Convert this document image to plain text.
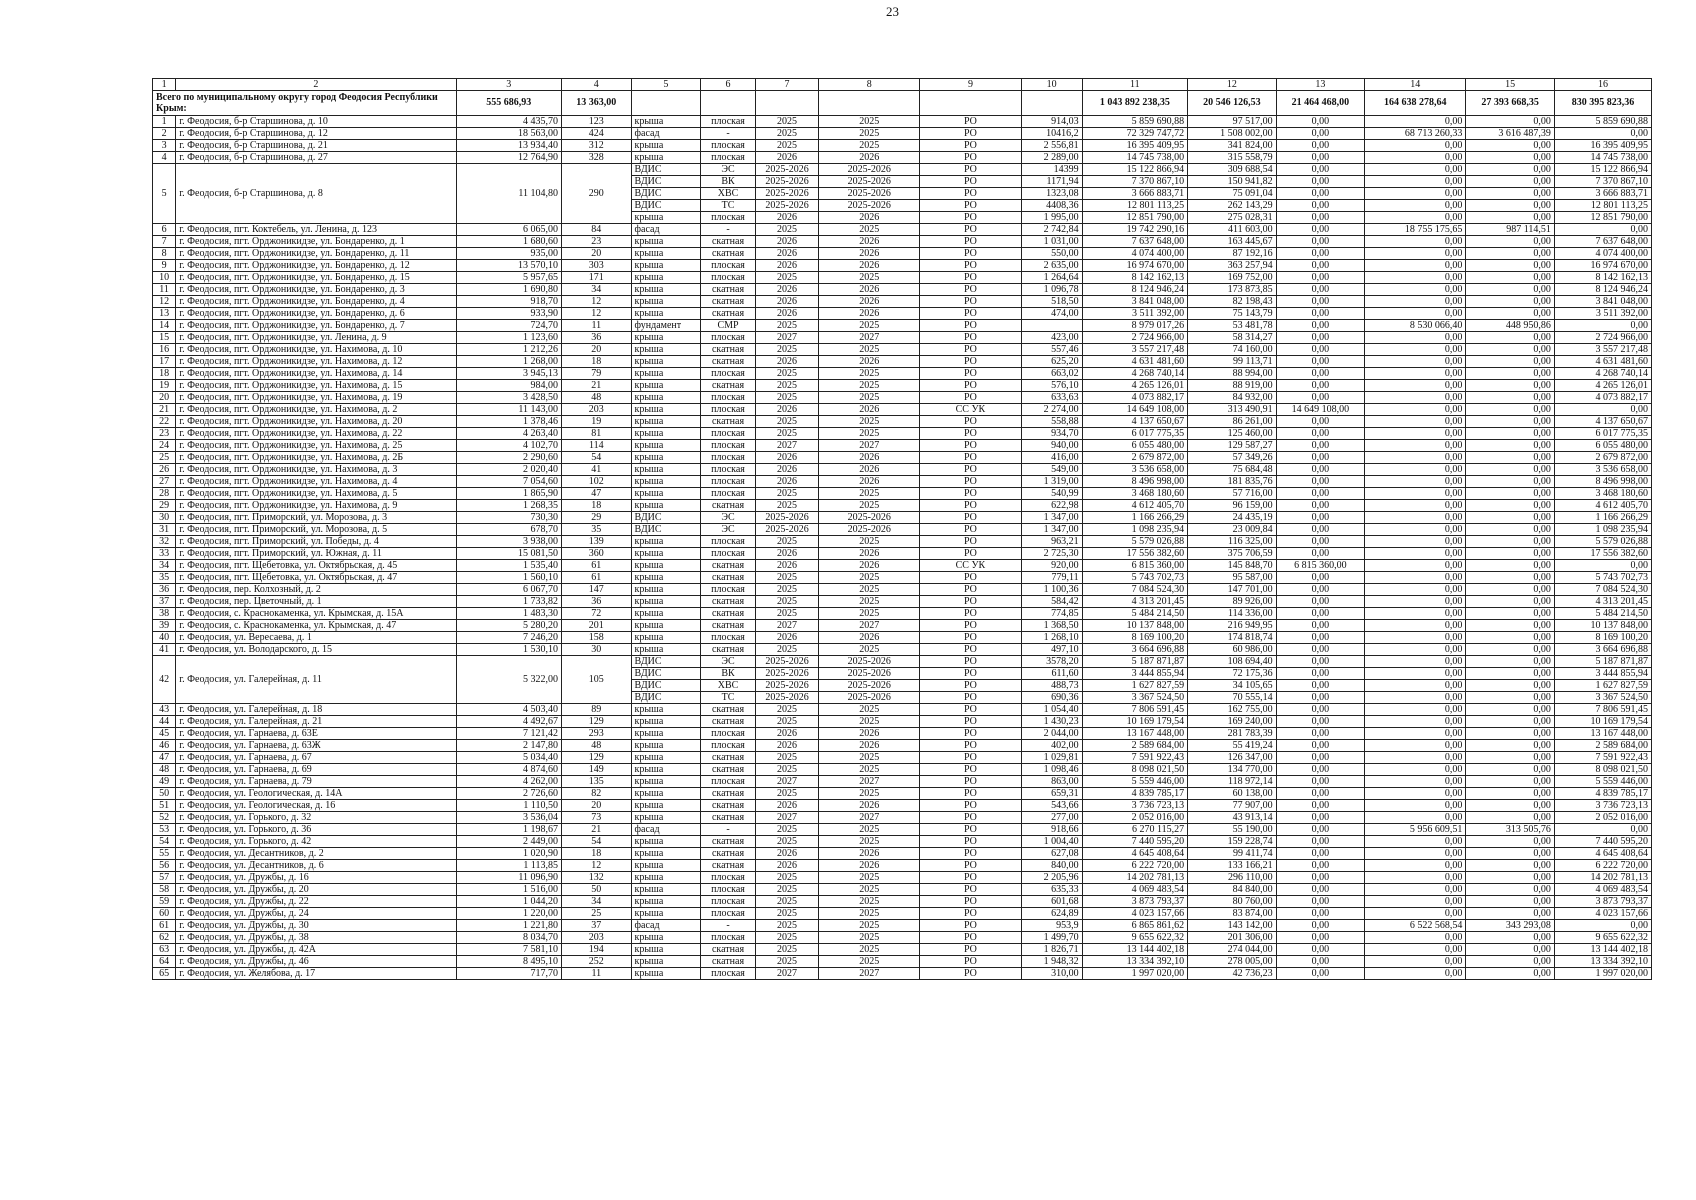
23
1	2	3	4	5	6	7	8	9	10	11	12	13	14	15	16
Всего по муниципальному округу город Феодосия Республики Крым:		555 686,93	13 363,00							1 043 892 238,35	20 546 126,53	21 464 468,00	164 638 278,64	27 393 668,35	830 395 823,36
1	г. Феодосия, б-р Старшинова, д. 10	4 435,70	123	крыша	плоская	2025	2025	РО	914,03	5 859 690,88	97 517,00	0,00	0,00	0,00	5 859 690,88
2	г. Феодосия, б-р Старшинова, д. 12	18 563,00	424	фасад	-	2025	2025	РО	10416,2	72 329 747,72	1 508 002,00	0,00	68 713 260,33	3 616 487,39	0,00
3	г. Феодосия, б-р Старшинова, д. 21	13 934,40	312	крыша	плоская	2025	2025	РО	2 556,81	16 395 409,95	341 824,00	0,00	0,00	0,00	16 395 409,95
4	г. Феодосия, б-р Старшинова, д. 27	12 764,90	328	крыша	плоская	2026	2026	РО	2 289,00	14 745 738,00	315 558,79	0,00	0,00	0,00	14 745 738,00
5	г. Феодосия, б-р Старшинова, д. 8	11 104,80	290	ВДИС	ЭС	2025-2026	2025-2026	РО	14399	15 122 866,94	309 688,54	0,00	0,00	0,00	15 122 866,94
				ВДИС	ВК	2025-2026	2025-2026	РО	1171,94	7 370 867,10	150 941,82	0,00	0,00	0,00	7 370 867,10
				ВДИС	ХВС	2025-2026	2025-2026	РО	1323,08	3 666 883,71	75 091,04	0,00	0,00	0,00	3 666 883,71
				ВДИС	ТС	2025-2026	2025-2026	РО	4408,36	12 801 113,25	262 143,29	0,00	0,00	0,00	12 801 113,25
				крыша	плоская	2026	2026	РО	1 995,00	12 851 790,00	275 028,31	0,00	0,00	0,00	12 851 790,00
6	г. Феодосия, пгт. Коктебель, ул. Ленина, д. 123	6 065,00	84	фасад	-	2025	2025	РО	2 742,84	19 742 290,16	411 603,00	0,00	18 755 175,65	987 114,51	0,00
7	г. Феодосия, пгт. Орджоникидзе, ул. Бондаренко, д. 1	1 680,60	23	крыша	скатная	2026	2026	РО	1 031,00	7 637 648,00	163 445,67	0,00	0,00	0,00	7 637 648,00
8	г. Феодосия, пгт. Орджоникидзе, ул. Бондаренко, д. 11	935,00	20	крыша	скатная	2026	2026	РО	550,00	4 074 400,00	87 192,16	0,00	0,00	0,00	4 074 400,00
9	г. Феодосия, пгт. Орджоникидзе, ул. Бондаренко, д. 12	13 570,10	303	крыша	плоская	2026	2026	РО	2 635,00	16 974 670,00	363 257,94	0,00	0,00	0,00	16 974 670,00
10	г. Феодосия, пгт. Орджоникидзе, ул. Бондаренко, д. 15	5 957,65	171	крыша	плоская	2025	2025	РО	1 264,64	8 142 162,13	169 752,00	0,00	0,00	0,00	8 142 162,13
11	г. Феодосия, пгт. Орджоникидзе, ул. Бондаренко, д. 3	1 690,80	34	крыша	скатная	2026	2026	РО	1 096,78	8 124 946,24	173 873,85	0,00	0,00	0,00	8 124 946,24
12	г. Феодосия, пгт. Орджоникидзе, ул. Бондаренко, д. 4	918,70	12	крыша	скатная	2026	2026	РО	518,50	3 841 048,00	82 198,43	0,00	0,00	0,00	3 841 048,00
13	г. Феодосия, пгт. Орджоникидзе, ул. Бондаренко, д. 6	933,90	12	крыша	скатная	2026	2026	РО	474,00	3 511 392,00	75 143,79	0,00	0,00	0,00	3 511 392,00
14	г. Феодосия, пгт. Орджоникидзе, ул. Бондаренко, д. 7	724,70	11	фундамент	СМР	2025	2025	РО		8 979 017,26	53 481,78	0,00	8 530 066,40	448 950,86	0,00
15	г. Феодосия, пгт. Орджоникидзе, ул. Ленина, д. 9	1 123,60	36	крыша	плоская	2027	2027	РО	423,00	2 724 966,00	58 314,27	0,00	0,00	0,00	2 724 966,00
16	г. Феодосия, пгт. Орджоникидзе, ул. Нахимова, д. 10	1 212,26	20	крыша	скатная	2025	2025	РО	557,46	3 557 217,48	74 160,00	0,00	0,00	0,00	3 557 217,48
17	г. Феодосия, пгт. Орджоникидзе, ул. Нахимова, д. 12	1 268,00	18	крыша	скатная	2026	2026	РО	625,20	4 631 481,60	99 113,71	0,00	0,00	0,00	4 631 481,60
18	г. Феодосия, пгт. Орджоникидзе, ул. Нахимова, д. 14	3 945,13	79	крыша	плоская	2025	2025	РО	663,02	4 268 740,14	88 994,00	0,00	0,00	0,00	4 268 740,14
19	г. Феодосия, пгт. Орджоникидзе, ул. Нахимова, д. 15	984,00	21	крыша	скатная	2025	2025	РО	576,10	4 265 126,01	88 919,00	0,00	0,00	0,00	4 265 126,01
20	г. Феодосия, пгт. Орджоникидзе, ул. Нахимова, д. 19	3 428,50	48	крыша	плоская	2025	2025	РО	633,63	4 073 882,17	84 932,00	0,00	0,00	0,00	4 073 882,17
21	г. Феодосия, пгт. Орджоникидзе, ул. Нахимова, д. 2	11 143,00	203	крыша	плоская	2026	2026	СС УК	2 274,00	14 649 108,00	313 490,91	14 649 108,00	0,00	0,00	0,00
22	г. Феодосия, пгт. Орджоникидзе, ул. Нахимова, д. 20	1 378,46	19	крыша	скатная	2025	2025	РО	558,88	4 137 650,67	86 261,00	0,00	0,00	0,00	4 137 650,67
23	г. Феодосия, пгт. Орджоникидзе, ул. Нахимова, д. 22	4 263,40	81	крыша	плоская	2025	2025	РО	934,70	6 017 775,35	125 460,00	0,00	0,00	0,00	6 017 775,35
24	г. Феодосия, пгт. Орджоникидзе, ул. Нахимова, д. 25	4 102,70	114	крыша	плоская	2027	2027	РО	940,00	6 055 480,00	129 587,27	0,00	0,00	0,00	6 055 480,00
25	г. Феодосия, пгт. Орджоникидзе, ул. Нахимова, д. 2Б	2 290,60	54	крыша	плоская	2026	2026	РО	416,00	2 679 872,00	57 349,26	0,00	0,00	0,00	2 679 872,00
26	г. Феодосия, пгт. Орджоникидзе, ул. Нахимова, д. 3	2 020,40	41	крыша	плоская	2026	2026	РО	549,00	3 536 658,00	75 684,48	0,00	0,00	0,00	3 536 658,00
27	г. Феодосия, пгт. Орджоникидзе, ул. Нахимова, д. 4	7 054,60	102	крыша	плоская	2026	2026	РО	1 319,00	8 496 998,00	181 835,76	0,00	0,00	0,00	8 496 998,00
28	г. Феодосия, пгт. Орджоникидзе, ул. Нахимова, д. 5	1 865,90	47	крыша	плоская	2025	2025	РО	540,99	3 468 180,60	57 716,00	0,00	0,00	0,00	3 468 180,60
29	г. Феодосия, пгт. Орджоникидзе, ул. Нахимова, д. 9	1 268,35	18	крыша	скатная	2025	2025	РО	622,98	4 612 405,70	96 159,00	0,00	0,00	0,00	4 612 405,70
30	г. Феодосия, пгт. Приморский, ул. Морозова, д. 3	730,30	29	ВДИС	ЭС	2025-2026	2025-2026	РО	1 347,00	1 166 266,29	24 435,19	0,00	0,00	0,00	1 166 266,29
31	г. Феодосия, пгт. Приморский, ул. Морозова, д. 5	678,70	35	ВДИС	ЭС	2025-2026	2025-2026	РО	1 347,00	1 098 235,94	23 009,84	0,00	0,00	0,00	1 098 235,94
32	г. Феодосия, пгт. Приморский, ул. Победы, д. 4	3 938,00	139	крыша	плоская	2025	2025	РО	963,21	5 579 026,88	116 325,00	0,00	0,00	0,00	5 579 026,88
33	г. Феодосия, пгт. Приморский, ул. Южная, д. 11	15 081,50	360	крыша	плоская	2026	2026	РО	2 725,30	17 556 382,60	375 706,59	0,00	0,00	0,00	17 556 382,60
34	г. Феодосия, пгт. Щебетовка, ул. Октябрьская, д. 45	1 535,40	61	крыша	скатная	2026	2026	СС УК	920,00	6 815 360,00	145 848,70	6 815 360,00	0,00	0,00	0,00
35	г. Феодосия, пгт. Щебетовка, ул. Октябрьская, д. 47	1 560,10	61	крыша	скатная	2025	2025	РО	779,11	5 743 702,73	95 587,00	0,00	0,00	0,00	5 743 702,73
36	г. Феодосия, пер. Колхозный, д. 2	6 067,70	147	крыша	плоская	2025	2025	РО	1 100,36	7 084 524,30	147 701,00	0,00	0,00	0,00	7 084 524,30
37	г. Феодосия, пер. Цветочный, д. 1	1 733,82	36	крыша	скатная	2025	2025	РО	584,42	4 313 201,45	89 926,00	0,00	0,00	0,00	4 313 201,45
38	г. Феодосия, с. Краснокаменка, ул. Крымская, д. 15А	1 483,30	72	крыша	скатная	2025	2025	РО	774,85	5 484 214,50	114 336,00	0,00	0,00	0,00	5 484 214,50
39	г. Феодосия, с. Краснокаменка, ул. Крымская, д. 47	5 280,20	201	крыша	скатная	2027	2027	РО	1 368,50	10 137 848,00	216 949,95	0,00	0,00	0,00	10 137 848,00
40	г. Феодосия, ул. Вересаева, д. 1	7 246,20	158	крыша	плоская	2026	2026	РО	1 268,10	8 169 100,20	174 818,74	0,00	0,00	0,00	8 169 100,20
41	г. Феодосия, ул. Володарского, д. 15	1 530,10	30	крыша	скатная	2025	2025	РО	497,10	3 664 696,88	60 986,00	0,00	0,00	0,00	3 664 696,88
42	г. Феодосия, ул. Галерейная, д. 11	5 322,00	105	ВДИС	ЭС	2025-2026	2025-2026	РО	3578,20	5 187 871,87	108 694,40	0,00	0,00	0,00	5 187 871,87
				ВДИС	ВК	2025-2026	2025-2026	РО	611,60	3 444 855,94	72 175,36	0,00	0,00	0,00	3 444 855,94
				ВДИС	ХВС	2025-2026	2025-2026	РО	488,73	1 627 827,59	34 105,65	0,00	0,00	0,00	1 627 827,59
				ВДИС	ТС	2025-2026	2025-2026	РО	690,36	3 367 524,50	70 555,14	0,00	0,00	0,00	3 367 524,50
43	г. Феодосия, ул. Галерейная, д. 18	4 503,40	89	крыша	скатная	2025	2025	РО	1 054,40	7 806 591,45	162 755,00	0,00	0,00	0,00	7 806 591,45
44	г. Феодосия, ул. Галерейная, д. 21	4 492,67	129	крыша	скатная	2025	2025	РО	1 430,23	10 169 179,54	169 240,00	0,00	0,00	0,00	10 169 179,54
45	г. Феодосия, ул. Гарнаева, д. 63Е	7 121,42	293	крыша	плоская	2026	2026	РО	2 044,00	13 167 448,00	281 783,39	0,00	0,00	0,00	13 167 448,00
46	г. Феодосия, ул. Гарнаева, д. 63Ж	2 147,80	48	крыша	плоская	2026	2026	РО	402,00	2 589 684,00	55 419,24	0,00	0,00	0,00	2 589 684,00
47	г. Феодосия, ул. Гарнаева, д. 67	5 034,40	129	крыша	скатная	2025	2025	РО	1 029,81	7 591 922,43	126 347,00	0,00	0,00	0,00	7 591 922,43
48	г. Феодосия, ул. Гарнаева, д. 69	4 874,60	149	крыша	скатная	2025	2025	РО	1 098,46	8 098 021,50	134 770,00	0,00	0,00	0,00	8 098 021,50
49	г. Феодосия, ул. Гарнаева, д. 79	4 262,00	135	крыша	плоская	2027	2027	РО	863,00	5 559 446,00	118 972,14	0,00	0,00	0,00	5 559 446,00
50	г. Феодосия, ул. Геологическая, д. 14А	2 726,60	82	крыша	скатная	2025	2025	РО	659,31	4 839 785,17	60 138,00	0,00	0,00	0,00	4 839 785,17
51	г. Феодосия, ул. Геологическая, д. 16	1 110,50	20	крыша	скатная	2026	2026	РО	543,66	3 736 723,13	77 907,00	0,00	0,00	0,00	3 736 723,13
52	г. Феодосия, ул. Горького, д. 32	3 536,04	73	крыша	скатная	2027	2027	РО	277,00	2 052 016,00	43 913,14	0,00	0,00	0,00	2 052 016,00
53	г. Феодосия, ул. Горького, д. 36	1 198,67	21	фасад	-	2025	2025	РО	918,66	6 270 115,27	55 190,00	0,00	5 956 609,51	313 505,76	0,00
54	г. Феодосия, ул. Горького, д. 42	2 449,00	54	крыша	скатная	2025	2025	РО	1 004,40	7 440 595,20	159 228,74	0,00	0,00	0,00	7 440 595,20
55	г. Феодосия, ул. Десантников, д. 2	1 020,90	18	крыша	скатная	2026	2026	РО	627,08	4 645 408,64	99 411,74	0,00	0,00	0,00	4 645 408,64
56	г. Феодосия, ул. Десантников, д. 6	1 113,85	12	крыша	скатная	2026	2026	РО	840,00	6 222 720,00	133 166,21	0,00	0,00	0,00	6 222 720,00
57	г. Феодосия, ул. Дружбы, д. 16	11 096,90	132	крыша	плоская	2025	2025	РО	2 205,96	14 202 781,13	296 110,00	0,00	0,00	0,00	14 202 781,13
58	г. Феодосия, ул. Дружбы, д. 20	1 516,00	50	крыша	плоская	2025	2025	РО	635,33	4 069 483,54	84 840,00	0,00	0,00	0,00	4 069 483,54
59	г. Феодосия, ул. Дружбы, д. 22	1 044,20	34	крыша	плоская	2025	2025	РО	601,68	3 873 793,37	80 760,00	0,00	0,00	0,00	3 873 793,37
60	г. Феодосия, ул. Дружбы, д. 24	1 220,00	25	крыша	плоская	2025	2025	РО	624,89	4 023 157,66	83 874,00	0,00	0,00	0,00	4 023 157,66
61	г. Феодосия, ул. Дружбы, д. 30	1 221,80	37	фасад	-	2025	2025	РО	953,9	6 865 861,62	143 142,00	0,00	6 522 568,54	343 293,08	0,00
62	г. Феодосия, ул. Дружбы, д. 38	8 034,70	203	крыша	плоская	2025	2025	РО	1 499,70	9 655 622,32	201 306,00	0,00	0,00	0,00	9 655 622,32
63	г. Феодосия, ул. Дружбы, д. 42А	7 581,10	194	крыша	скатная	2025	2025	РО	1 826,71	13 144 402,18	274 044,00	0,00	0,00	0,00	13 144 402,18
64	г. Феодосия, ул. Дружбы, д. 46	8 495,10	252	крыша	скатная	2025	2025	РО	1 948,32	13 334 392,10	278 005,00	0,00	0,00	0,00	13 334 392,10
65	г. Феодосия, ул. Желябова, д. 17	717,70	11	крыша	плоская	2027	2027	РО	310,00	1 997 020,00	42 736,23	0,00	0,00	0,00	1 997 020,00
